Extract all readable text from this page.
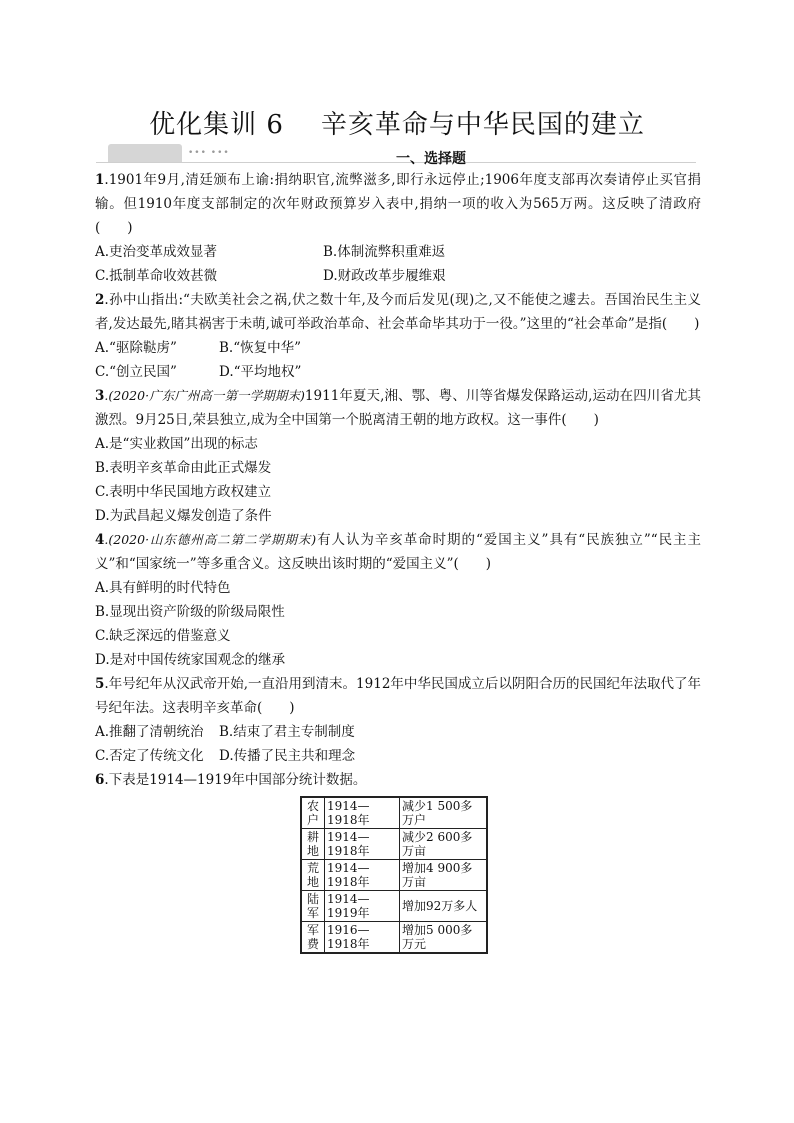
优化集训 6    辛亥革命与中华民国的建立
••• •••	一、选择题

1.1901年9月,清廷颁布上谕:捐纳职官,流弊滋多,即行永远停止;1906年度支部再次奏请停止买官捐输。但1910年度支部制定的次年财政预算岁入表中,捐纳一项的收入为565万两。这反映了清政府(　　)

A.吏治变革成效显著	B.体制流弊积重难返
C.抵制革命收效甚微	D.财政改革步履维艰

2.孙中山指出:“夫欧美社会之祸,伏之数十年,及今而后发见(现)之,又不能使之遽去。吾国治民生主义者,发达最先,睹其祸害于未萌,诚可举政治革命、社会革命毕其功于一役。”这里的“社会革命”是指(　　)

A.“驱除鞑虏”	B.“恢复中华”
C.“创立民国”	D.“平均地权”

3.(2020·广东广州高一第一学期期末)1911年夏天,湘、鄂、粤、川等省爆发保路运动,运动在四川省尤其激烈。9月25日,荣县独立,成为全中国第一个脱离清王朝的地方政权。这一事件(　　)

A.是“实业救国”出现的标志
B.表明辛亥革命由此正式爆发
C.表明中华民国地方政权建立
D.为武昌起义爆发创造了条件

4.(2020·山东德州高二第二学期期末)有人认为辛亥革命时期的“爱国主义”具有“民族独立”“民主主义”和“国家统一”等多重含义。这反映出该时期的“爱国主义”(　　)

A.具有鲜明的时代特色
B.显现出资产阶级的阶级局限性
C.缺乏深远的借鉴意义
D.是对中国传统家国观念的继承

5.年号纪年从汉武帝开始,一直沿用到清末。1912年中华民国成立后以阴阳合历的民国纪年法取代了年号纪年法。这表明辛亥革命(　　)

A.推翻了清朝统治	B.结束了君主专制制度
C.否定了传统文化	D.传播了民主共和理念

6.下表是1914—1919年中国部分统计数据。

农户	1914—1918年	减少1 500多万户
耕地	1914—1918年	减少2 600多万亩
荒地	1914—1918年	增加4 900多万亩
陆军	1914—1919年	增加92万多人
军费	1916—1918年	增加5 000多万元
